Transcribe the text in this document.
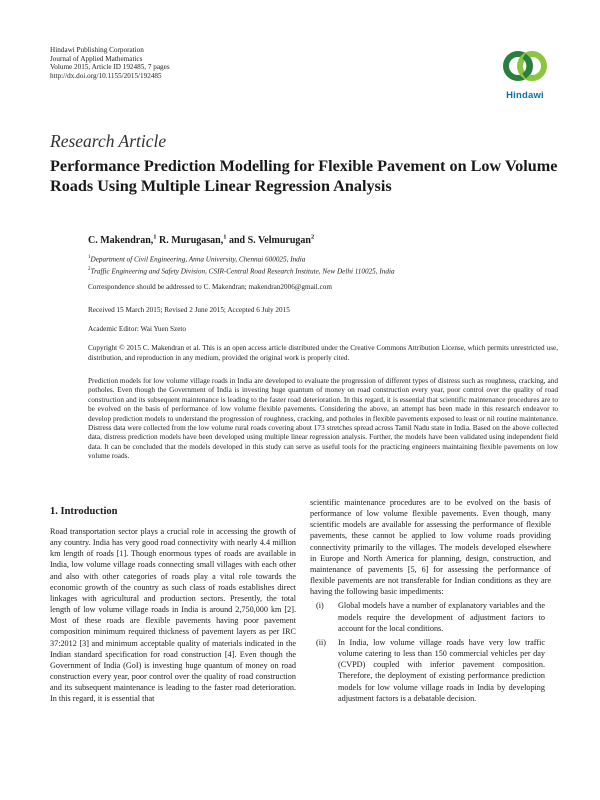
Hindawi Publishing Corporation
Journal of Applied Mathematics
Volume 2015, Article ID 192485, 7 pages
http://dx.doi.org/10.1155/2015/192485
Hindawi
Research Article
Performance Prediction Modelling for Flexible Pavement on Low Volume Roads Using Multiple Linear Regression Analysis
C. Makendran,$^1$ R. Murugasan,$^1$ and S. Velmurugan$^2$
$^1$Department of Civil Engineering, Anna University, Chennai 600025, India
$^2$Traffic Engineering and Safety Division, CSIR-Central Road Research Institute, New Delhi 110025, India
Correspondence should be addressed to C. Makendran; makendran2006@gmail.com
Received 15 March 2015; Revised 2 June 2015; Accepted 6 July 2015
Academic Editor: Wai Yuen Szeto
Copyright © 2015 C. Makendran et al. This is an open access article distributed under the Creative Commons Attribution License, which permits unrestricted use, distribution, and reproduction in any medium, provided the original work is properly cited.
Prediction models for low volume village roads in India are developed to evaluate the progression of different types of distress such as roughness, cracking, and potholes. Even though the Government of India is investing huge quantum of money on road construction every year, poor control over the quality of road construction and its subsequent maintenance is leading to the faster road deterioration. In this regard, it is essential that scientific maintenance procedures are to be evolved on the basis of performance of low volume flexible pavements. Considering the above, an attempt has been made in this research endeavor to develop prediction models to understand the progression of roughness, cracking, and potholes in flexible pavements exposed to least or nil routine maintenance. Distress data were collected from the low volume rural roads covering about 173 stretches spread across Tamil Nadu state in India. Based on the above collected data, distress prediction models have been developed using multiple linear regression analysis. Further, the models have been validated using independent field data. It can be concluded that the models developed in this study can serve as useful tools for the practicing engineers maintaining flexible pavements on low volume roads.
1. Introduction
Road transportation sector plays a crucial role in accessing the growth of any country. India has very good road connectivity with nearly 4.4 million km length of roads [1]. Though enormous types of roads are available in India, low volume village roads connecting small villages with each other and also with other categories of roads play a vital role towards the economic growth of the country as such class of roads establishes direct linkages with agricultural and production sectors. Presently, the total length of low volume village roads in India is around 2,750,000 km [2]. Most of these roads are flexible pavements having poor pavement composition minimum required thickness of pavement layers as per IRC 37:2012 [3] and minimum acceptable quality of materials indicated in the Indian standard specification for road construction [4]. Even though the Government of India (GoI) is investing huge quantum of money on road construction every year, poor control over the quality of road construction and its subsequent maintenance is leading to the faster road deterioration. In this regard, it is essential that
scientific maintenance procedures are to be evolved on the basis of performance of low volume flexible pavements. Even though, many scientific models are available for assessing the performance of flexible pavements, these cannot be applied to low volume roads providing connectivity primarily to the villages. The models developed elsewhere in Europe and North America for planning, design, construction, and maintenance of pavements [5, 6] for assessing the performance of flexible pavements are not transferable for Indian conditions as they are having the following basic impediments:
(i) Global models have a number of explanatory variables and the models require the development of adjustment factors to account for the local conditions.
(ii) In India, low volume village roads have very low traffic volume catering to less than 150 commercial vehicles per day (CVPD) coupled with inferior pavement composition. Therefore, the deployment of existing performance prediction models for low volume village roads in India by developing adjustment factors is a debatable decision.
